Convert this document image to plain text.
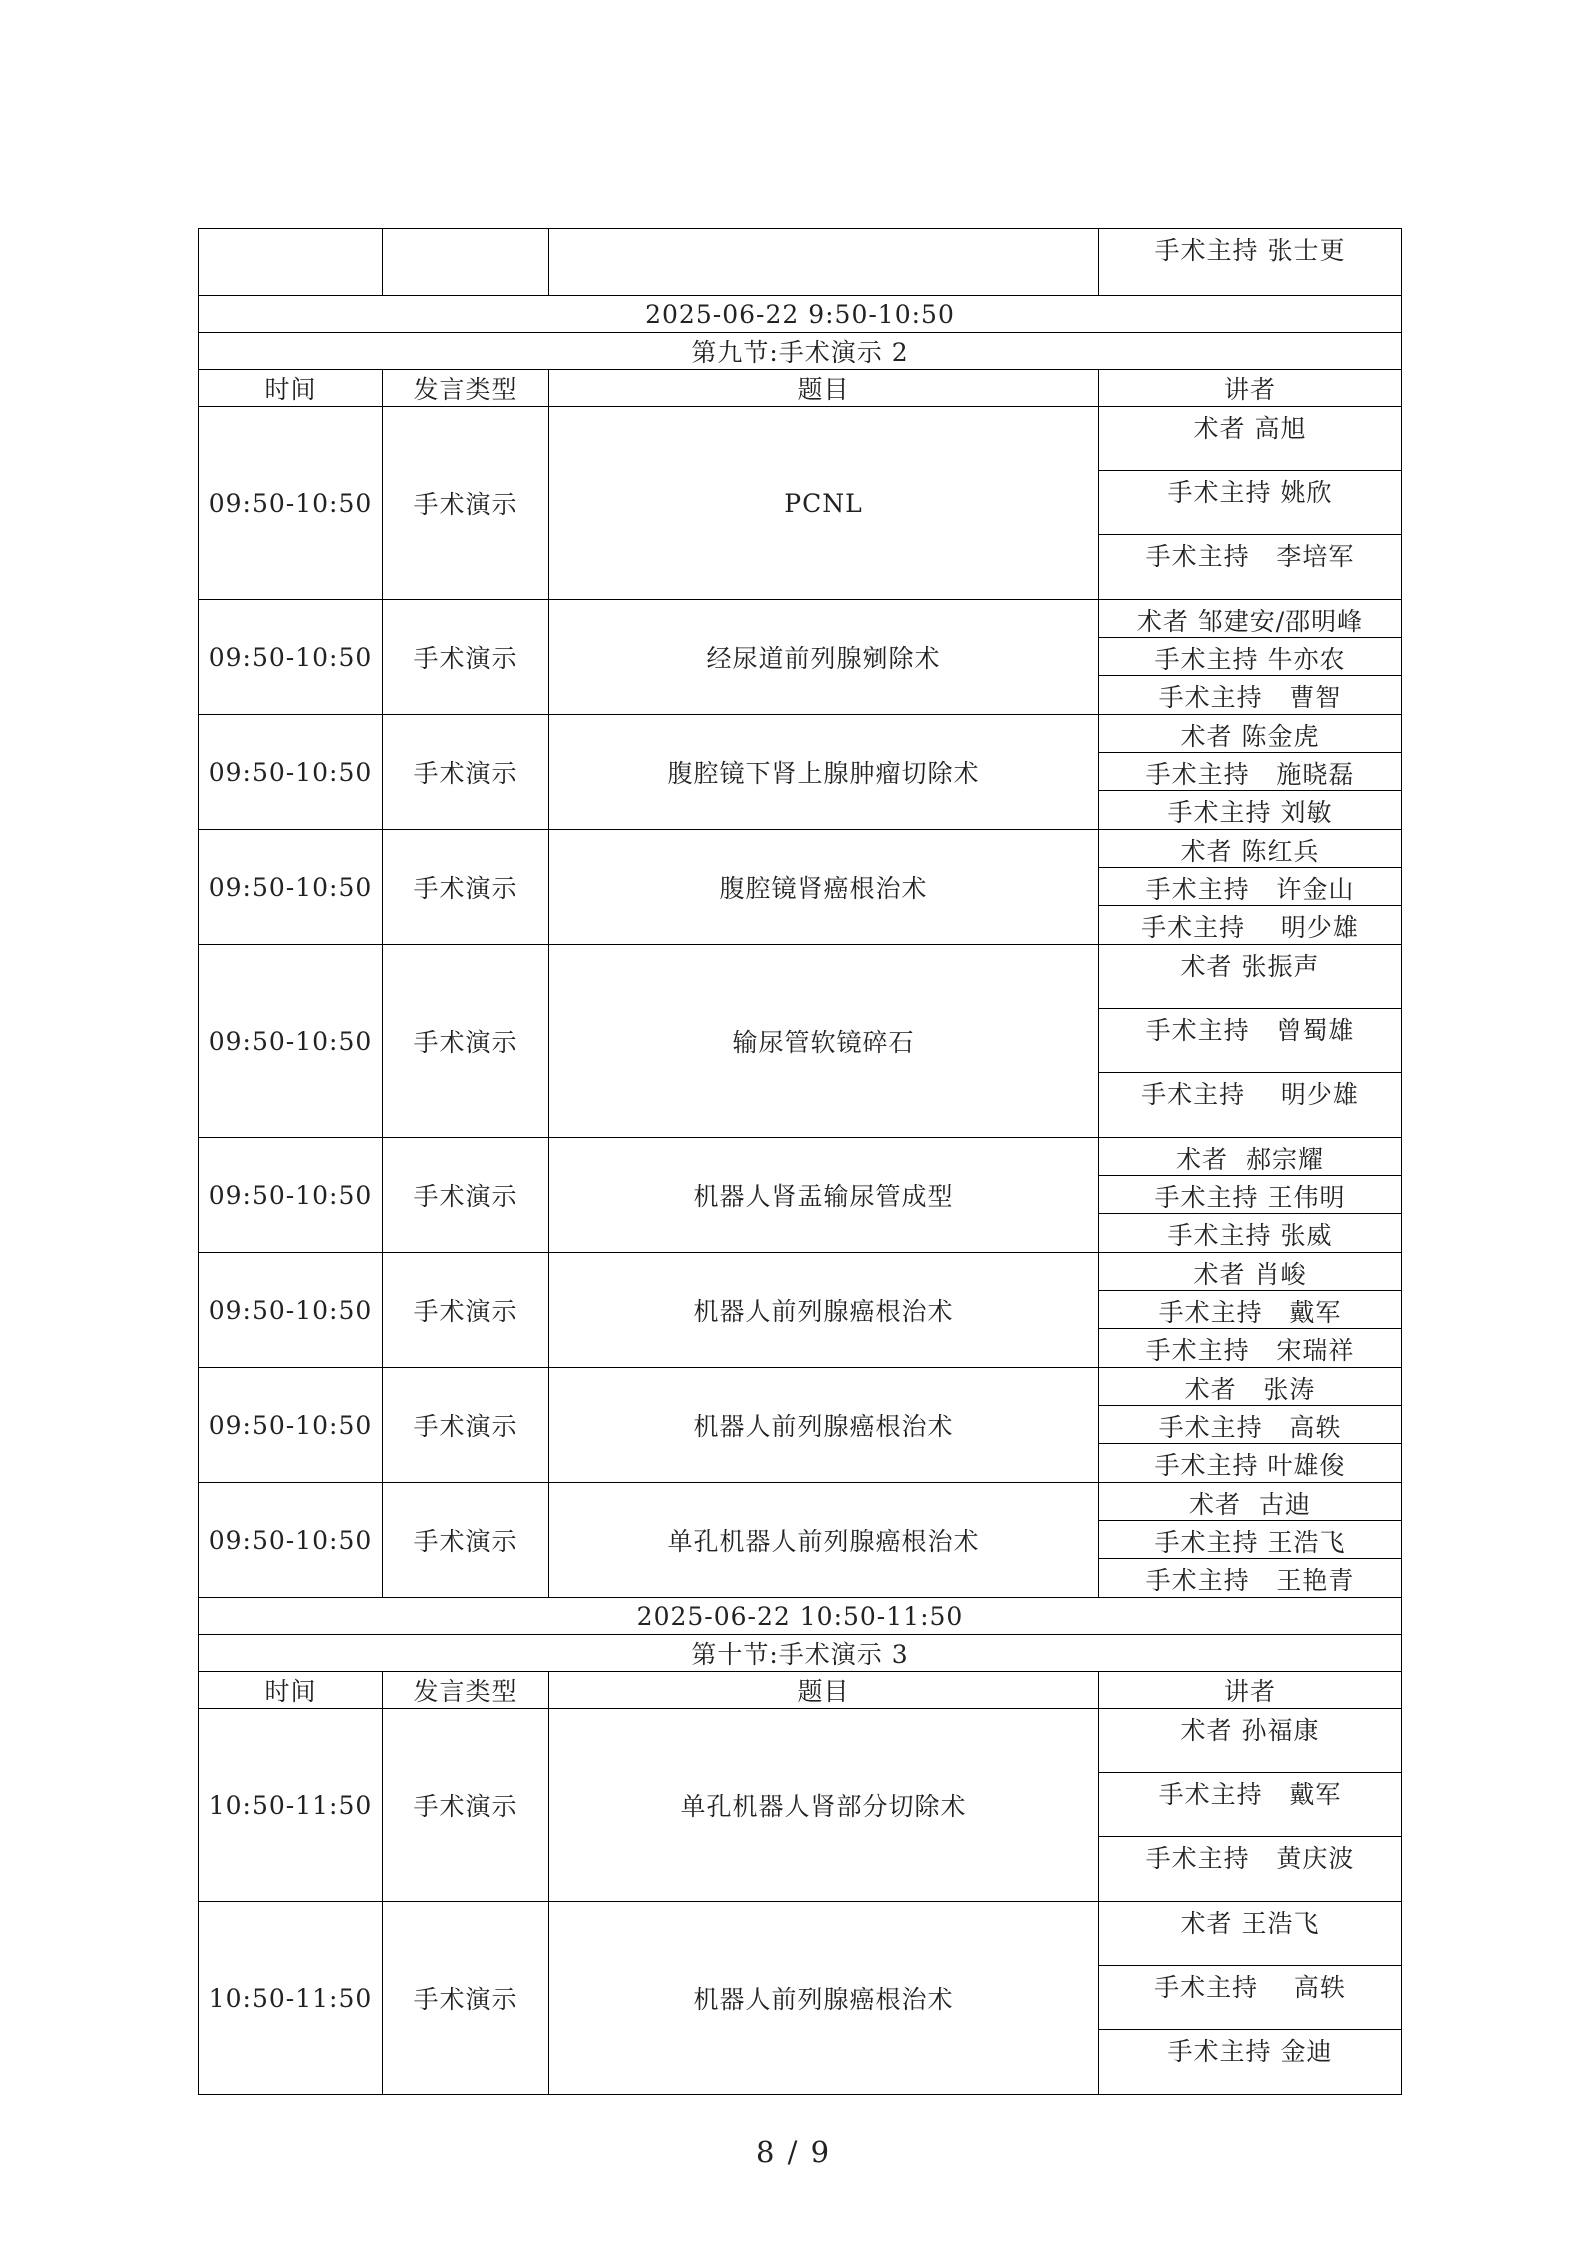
			手术主持 张士更
2025-06-22 9:50-10:50			
第九节:手术演示 2			
时间	发言类型	题目	讲者
09:50-10:50	手术演示	PCNL	术者 高旭
手术主持 姚欣
手术主持   李培军

09:50-10:50	手术演示	经尿道前列腺剜除术	术者 邹建安/邵明峰
手术主持 牛亦农
手术主持   曹智

09:50-10:50	手术演示	腹腔镜下肾上腺肿瘤切除术	术者 陈金虎
手术主持   施晓磊
手术主持 刘敏

09:50-10:50	手术演示	腹腔镜肾癌根治术	术者 陈红兵
手术主持   许金山
手术主持    明少雄

09:50-10:50	手术演示	输尿管软镜碎石	术者 张振声
手术主持   曾蜀雄
手术主持    明少雄

09:50-10:50	手术演示	机器人肾盂输尿管成型	术者  郝宗耀
手术主持 王伟明
手术主持 张威

09:50-10:50	手术演示	机器人前列腺癌根治术	术者 肖峻
手术主持   戴军
手术主持   宋瑞祥

09:50-10:50	手术演示	机器人前列腺癌根治术	术者   张涛
手术主持   高轶
手术主持 叶雄俊

09:50-10:50	手术演示	单孔机器人前列腺癌根治术	术者  古迪
手术主持 王浩飞
手术主持   王艳青

2025-06-22 10:50-11:50			
第十节:手术演示 3			
时间	发言类型	题目	讲者
10:50-11:50	手术演示	单孔机器人肾部分切除术	术者 孙福康
手术主持   戴军
手术主持   黄庆波

10:50-11:50	手术演示	机器人前列腺癌根治术	术者 王浩飞
手术主持    高轶
手术主持 金迪
8 / 9
